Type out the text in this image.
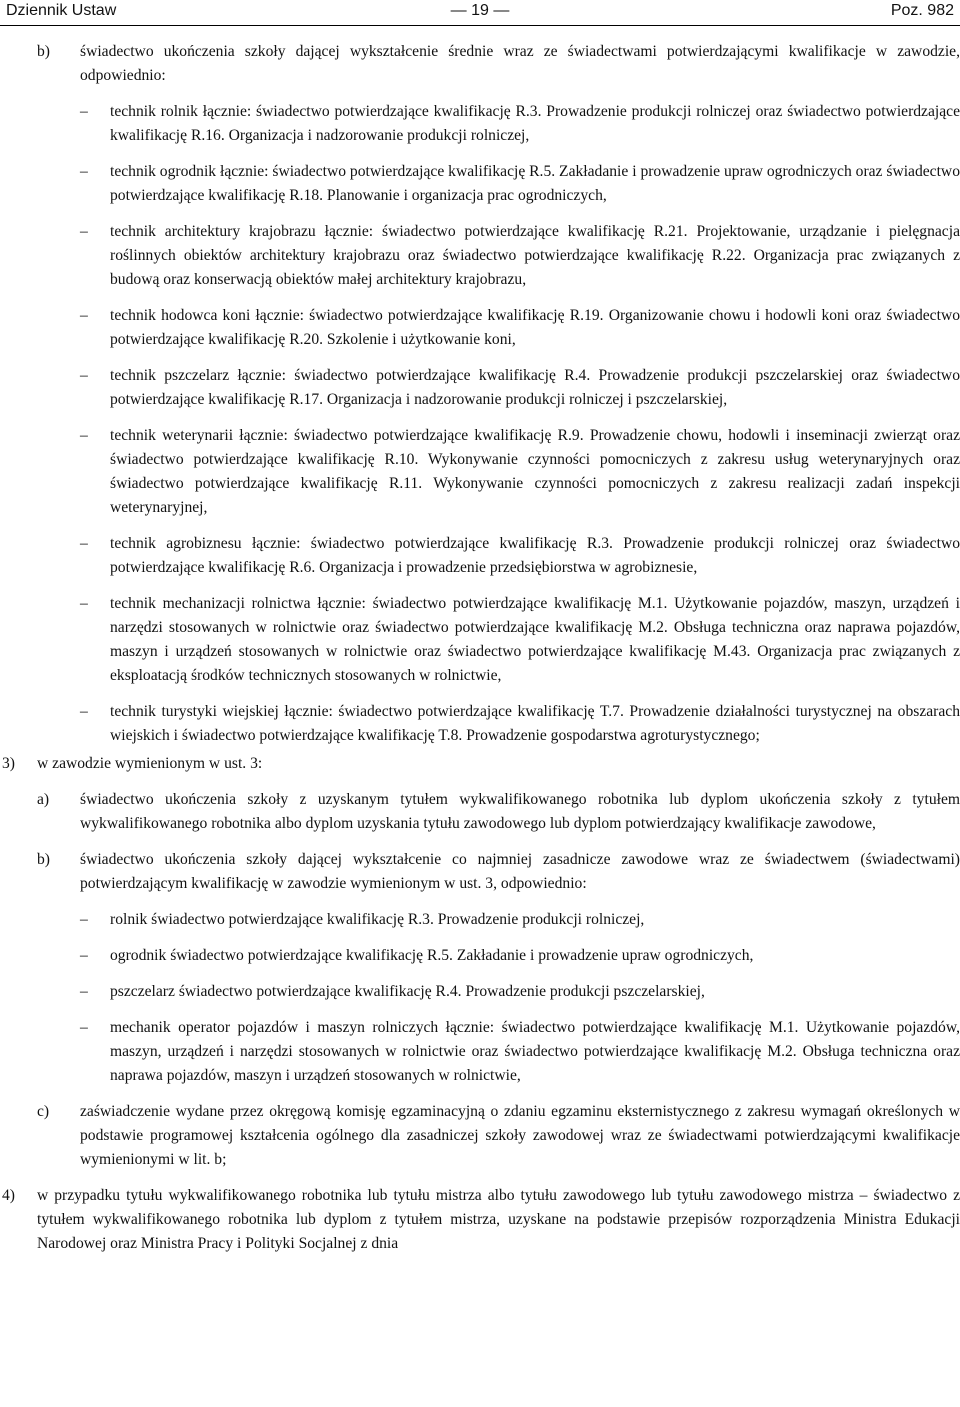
Dziennik Ustaw	— 19 —	Poz. 982
b) świadectwo ukończenia szkoły dającej wykształcenie średnie wraz ze świadectwami potwierdzającymi kwalifikacje w zawodzie, odpowiednio:
– technik rolnik łącznie: świadectwo potwierdzające kwalifikację R.3. Prowadzenie produkcji rolniczej oraz świadectwo potwierdzające kwalifikację R.16. Organizacja i nadzorowanie produkcji rolniczej,
– technik ogrodnik łącznie: świadectwo potwierdzające kwalifikację R.5. Zakładanie i prowadzenie upraw ogrodniczych oraz świadectwo potwierdzające kwalifikację R.18. Planowanie i organizacja prac ogrodniczych,
– technik architektury krajobrazu łącznie: świadectwo potwierdzające kwalifikację R.21. Projektowanie, urządzanie i pielęgnacja roślinnych obiektów architektury krajobrazu oraz świadectwo potwierdzające kwalifikację R.22. Organizacja prac związanych z budową oraz konserwacją obiektów małej architektury krajobrazu,
– technik hodowca koni łącznie: świadectwo potwierdzające kwalifikację R.19. Organizowanie chowu i hodowli koni oraz świadectwo potwierdzające kwalifikację R.20. Szkolenie i użytkowanie koni,
– technik pszczelarz łącznie: świadectwo potwierdzające kwalifikację R.4. Prowadzenie produkcji pszczelarskiej oraz świadectwo potwierdzające kwalifikację R.17. Organizacja i nadzorowanie produkcji rolniczej i pszczelarskiej,
– technik weterynarii łącznie: świadectwo potwierdzające kwalifikację R.9. Prowadzenie chowu, hodowli i inseminacji zwierząt oraz świadectwo potwierdzające kwalifikację R.10. Wykonywanie czynności pomocniczych z zakresu usług weterynaryjnych oraz świadectwo potwierdzające kwalifikację R.11. Wykonywanie czynności pomocniczych z zakresu realizacji zadań inspekcji weterynaryjnej,
– technik agrobiznesu łącznie: świadectwo potwierdzające kwalifikację R.3. Prowadzenie produkcji rolniczej oraz świadectwo potwierdzające kwalifikację R.6. Organizacja i prowadzenie przedsiębiorstwa w agrobiznesie,
– technik mechanizacji rolnictwa łącznie: świadectwo potwierdzające kwalifikację M.1. Użytkowanie pojazdów, maszyn, urządzeń i narzędzi stosowanych w rolnictwie oraz świadectwo potwierdzające kwalifikację M.2. Obsługa techniczna oraz naprawa pojazdów, maszyn i urządzeń stosowanych w rolnictwie oraz świadectwo potwierdzające kwalifikację M.43. Organizacja prac związanych z eksploatacją środków technicznych stosowanych w rolnictwie,
– technik turystyki wiejskiej łącznie: świadectwo potwierdzające kwalifikację T.7. Prowadzenie działalności turystycznej na obszarach wiejskich i świadectwo potwierdzające kwalifikację T.8. Prowadzenie gospodarstwa agroturystycznego;
3) w zawodzie wymienionym w ust. 3:
a) świadectwo ukończenia szkoły z uzyskanym tytułem wykwalifikowanego robotnika lub dyplom ukończenia szkoły z tytułem wykwalifikowanego robotnika albo dyplom uzyskania tytułu zawodowego lub dyplom potwierdzający kwalifikacje zawodowe,
b) świadectwo ukończenia szkoły dającej wykształcenie co najmniej zasadnicze zawodowe wraz ze świadectwem (świadectwami) potwierdzającym kwalifikację w zawodzie wymienionym w ust. 3, odpowiednio:
– rolnik świadectwo potwierdzające kwalifikację R.3. Prowadzenie produkcji rolniczej,
– ogrodnik świadectwo potwierdzające kwalifikację R.5. Zakładanie i prowadzenie upraw ogrodniczych,
– pszczelarz świadectwo potwierdzające kwalifikację R.4. Prowadzenie produkcji pszczelarskiej,
– mechanik operator pojazdów i maszyn rolniczych łącznie: świadectwo potwierdzające kwalifikację M.1. Użytkowanie pojazdów, maszyn, urządzeń i narzędzi stosowanych w rolnictwie oraz świadectwo potwierdzające kwalifikację M.2. Obsługa techniczna oraz naprawa pojazdów, maszyn i urządzeń stosowanych w rolnictwie,
c) zaświadczenie wydane przez okręgową komisję egzaminacyjną o zdaniu egzaminu eksternistycznego z zakresu wymagań określonych w podstawie programowej kształcenia ogólnego dla zasadniczej szkoły zawodowej wraz ze świadectwami potwierdzającymi kwalifikacje wymienionymi w lit. b;
4) w przypadku tytułu wykwalifikowanego robotnika lub tytułu mistrza albo tytułu zawodowego lub tytułu zawodowego mistrza – świadectwo z tytułem wykwalifikowanego robotnika lub dyplom z tytułem mistrza, uzyskane na podstawie przepisów rozporządzenia Ministra Edukacji Narodowej oraz Ministra Pracy i Polityki Socjalnej z dnia
